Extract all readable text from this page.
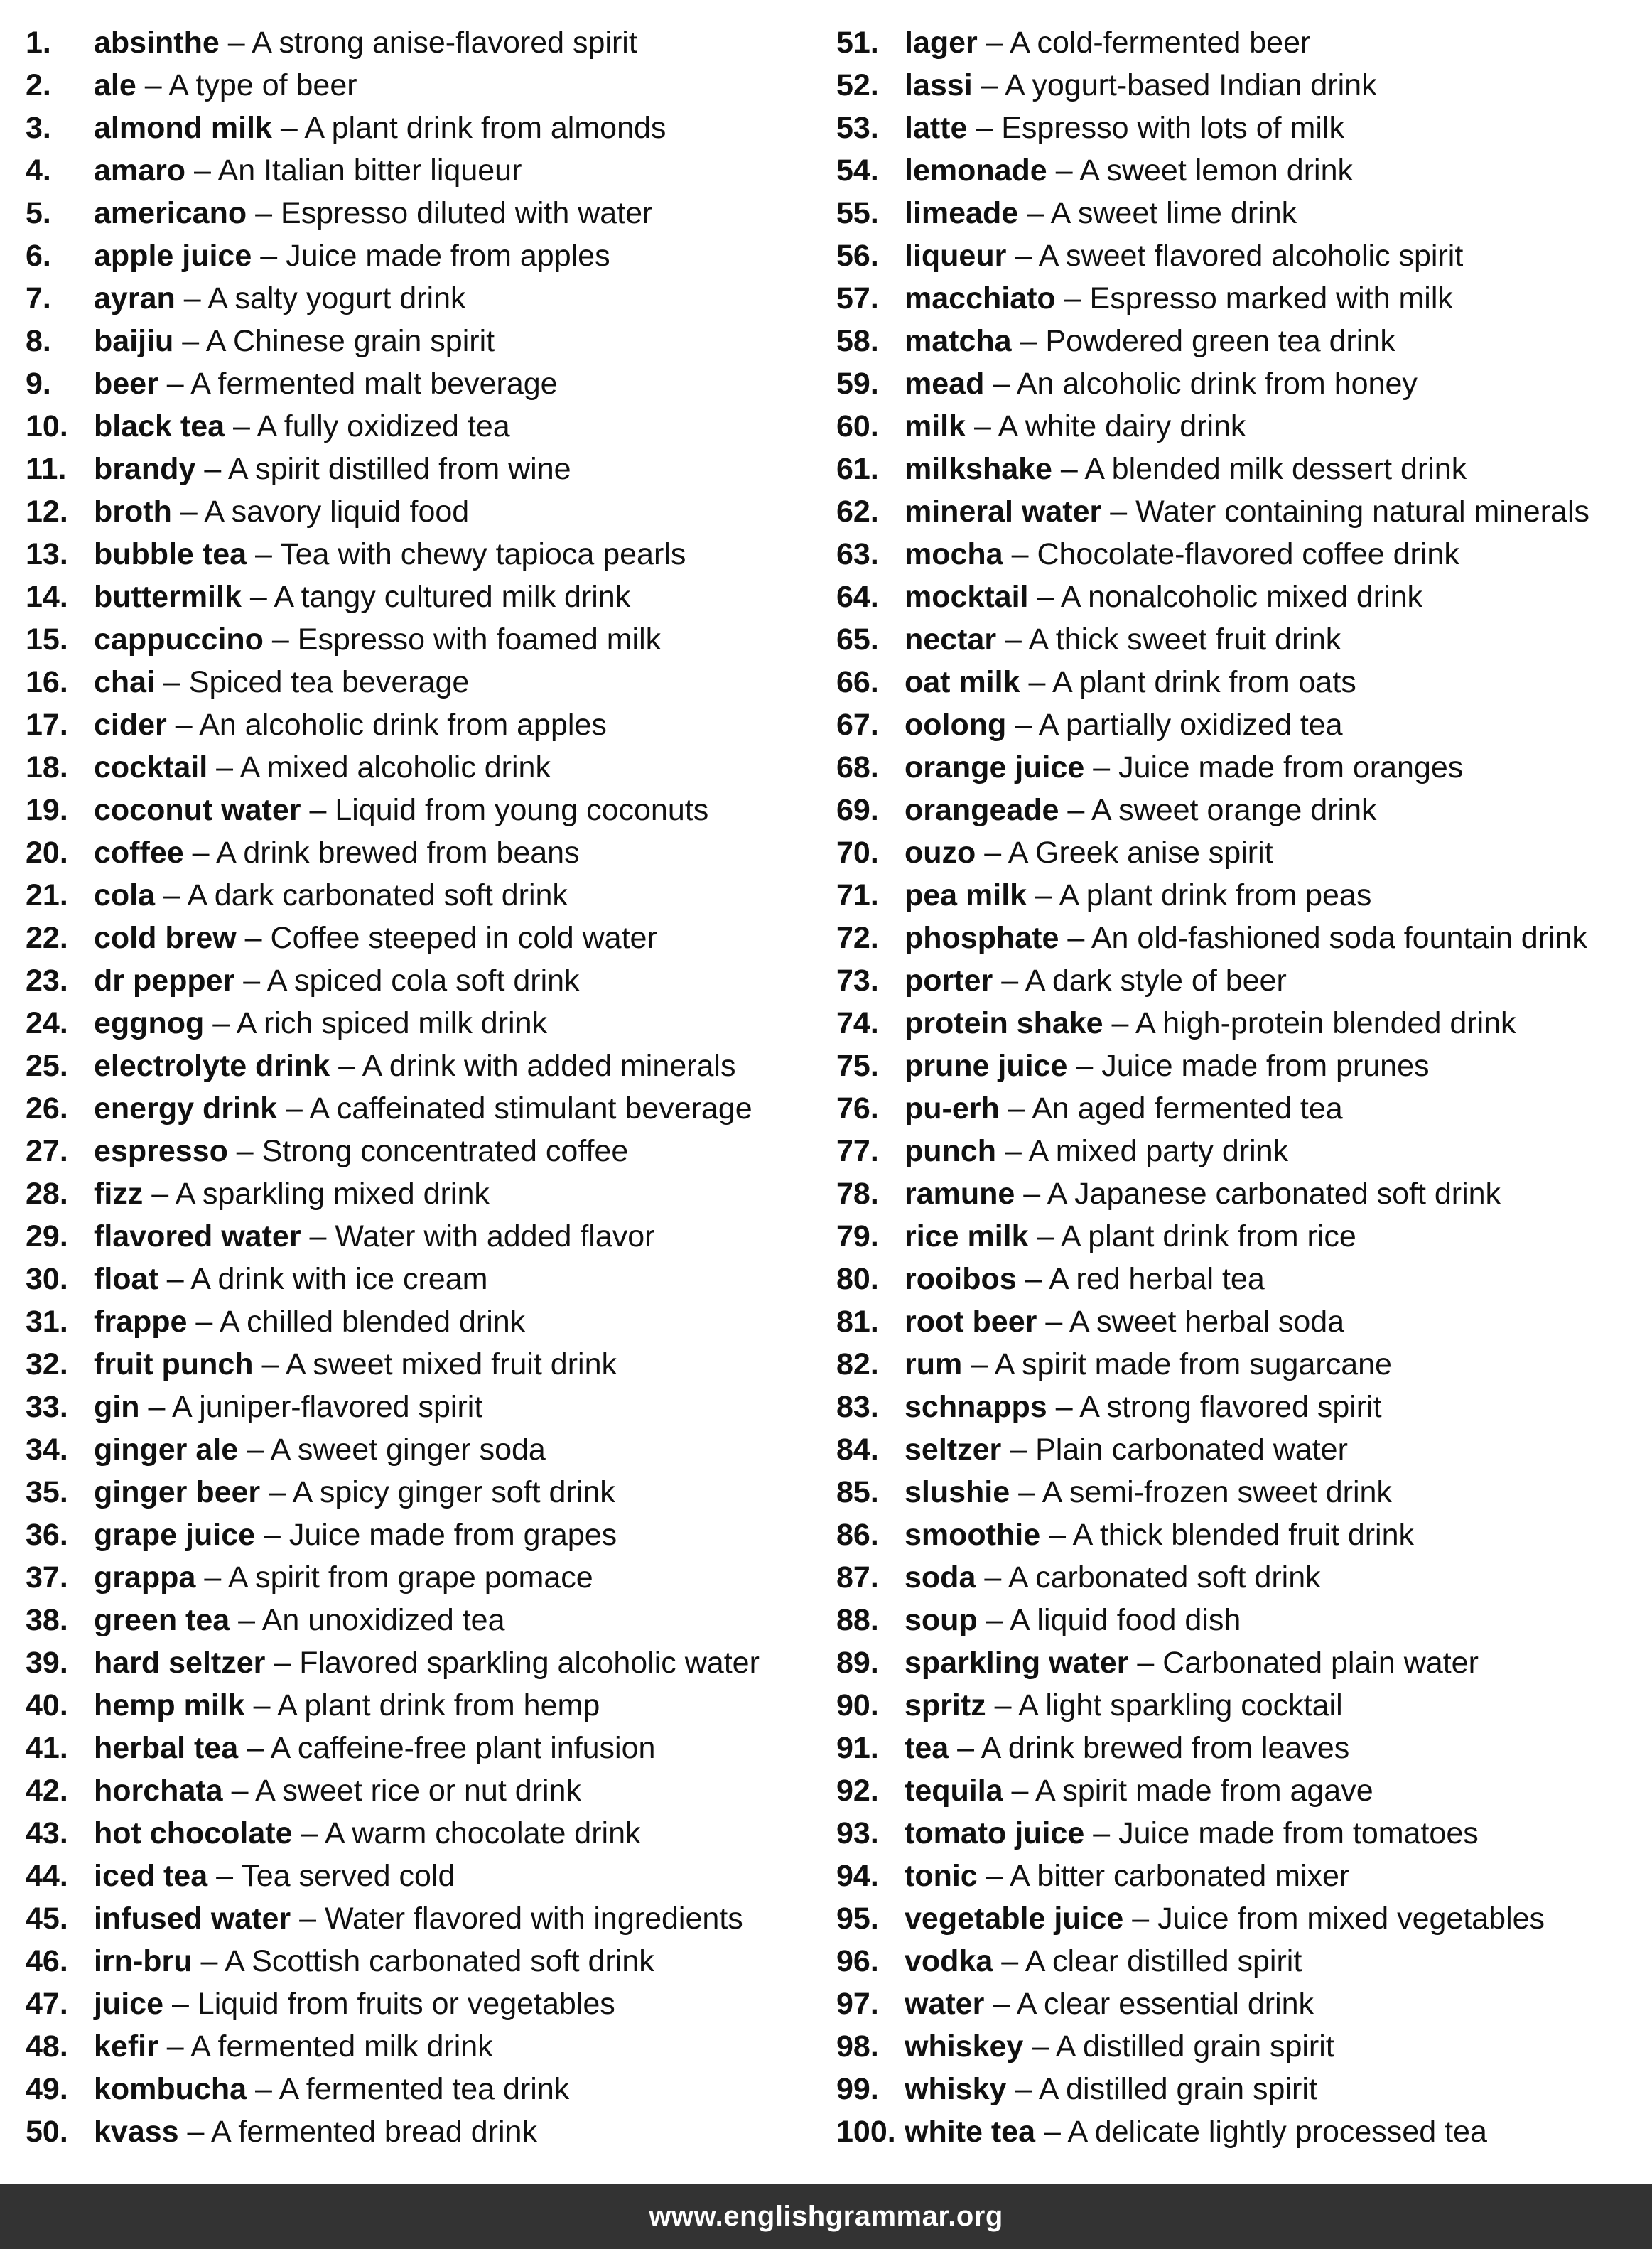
1. absinthe – A strong anise-flavored spirit
2. ale – A type of beer
3. almond milk – A plant drink from almonds
4. amaro – An Italian bitter liqueur
5. americano – Espresso diluted with water
6. apple juice – Juice made from apples
7. ayran – A salty yogurt drink
8. baijiu – A Chinese grain spirit
9. beer – A fermented malt beverage
10. black tea – A fully oxidized tea
11. brandy – A spirit distilled from wine
12. broth – A savory liquid food
13. bubble tea – Tea with chewy tapioca pearls
14. buttermilk – A tangy cultured milk drink
15. cappuccino – Espresso with foamed milk
16. chai – Spiced tea beverage
17. cider – An alcoholic drink from apples
18. cocktail – A mixed alcoholic drink
19. coconut water – Liquid from young coconuts
20. coffee – A drink brewed from beans
21. cola – A dark carbonated soft drink
22. cold brew – Coffee steeped in cold water
23. dr pepper – A spiced cola soft drink
24. eggnog – A rich spiced milk drink
25. electrolyte drink – A drink with added minerals
26. energy drink – A caffeinated stimulant beverage
27. espresso – Strong concentrated coffee
28. fizz – A sparkling mixed drink
29. flavored water – Water with added flavor
30. float – A drink with ice cream
31. frappe – A chilled blended drink
32. fruit punch – A sweet mixed fruit drink
33. gin – A juniper-flavored spirit
34. ginger ale – A sweet ginger soda
35. ginger beer – A spicy ginger soft drink
36. grape juice – Juice made from grapes
37. grappa – A spirit from grape pomace
38. green tea – An unoxidized tea
39. hard seltzer – Flavored sparkling alcoholic water
40. hemp milk – A plant drink from hemp
41. herbal tea – A caffeine-free plant infusion
42. horchata – A sweet rice or nut drink
43. hot chocolate – A warm chocolate drink
44. iced tea – Tea served cold
45. infused water – Water flavored with ingredients
46. irn-bru – A Scottish carbonated soft drink
47. juice – Liquid from fruits or vegetables
48. kefir – A fermented milk drink
49. kombucha – A fermented tea drink
50. kvass – A fermented bread drink
51. lager – A cold-fermented beer
52. lassi – A yogurt-based Indian drink
53. latte – Espresso with lots of milk
54. lemonade – A sweet lemon drink
55. limeade – A sweet lime drink
56. liqueur – A sweet flavored alcoholic spirit
57. macchiato – Espresso marked with milk
58. matcha – Powdered green tea drink
59. mead – An alcoholic drink from honey
60. milk – A white dairy drink
61. milkshake – A blended milk dessert drink
62. mineral water – Water containing natural minerals
63. mocha – Chocolate-flavored coffee drink
64. mocktail – A nonalcoholic mixed drink
65. nectar – A thick sweet fruit drink
66. oat milk – A plant drink from oats
67. oolong – A partially oxidized tea
68. orange juice – Juice made from oranges
69. orangeade – A sweet orange drink
70. ouzo – A Greek anise spirit
71. pea milk – A plant drink from peas
72. phosphate – An old-fashioned soda fountain drink
73. porter – A dark style of beer
74. protein shake – A high-protein blended drink
75. prune juice – Juice made from prunes
76. pu-erh – An aged fermented tea
77. punch – A mixed party drink
78. ramune – A Japanese carbonated soft drink
79. rice milk – A plant drink from rice
80. rooibos – A red herbal tea
81. root beer – A sweet herbal soda
82. rum – A spirit made from sugarcane
83. schnapps – A strong flavored spirit
84. seltzer – Plain carbonated water
85. slushie – A semi-frozen sweet drink
86. smoothie – A thick blended fruit drink
87. soda – A carbonated soft drink
88. soup – A liquid food dish
89. sparkling water – Carbonated plain water
90. spritz – A light sparkling cocktail
91. tea – A drink brewed from leaves
92. tequila – A spirit made from agave
93. tomato juice – Juice made from tomatoes
94. tonic – A bitter carbonated mixer
95. vegetable juice – Juice from mixed vegetables
96. vodka – A clear distilled spirit
97. water – A clear essential drink
98. whiskey – A distilled grain spirit
99. whisky – A distilled grain spirit
100. white tea – A delicate lightly processed tea
www.englishgrammar.org
